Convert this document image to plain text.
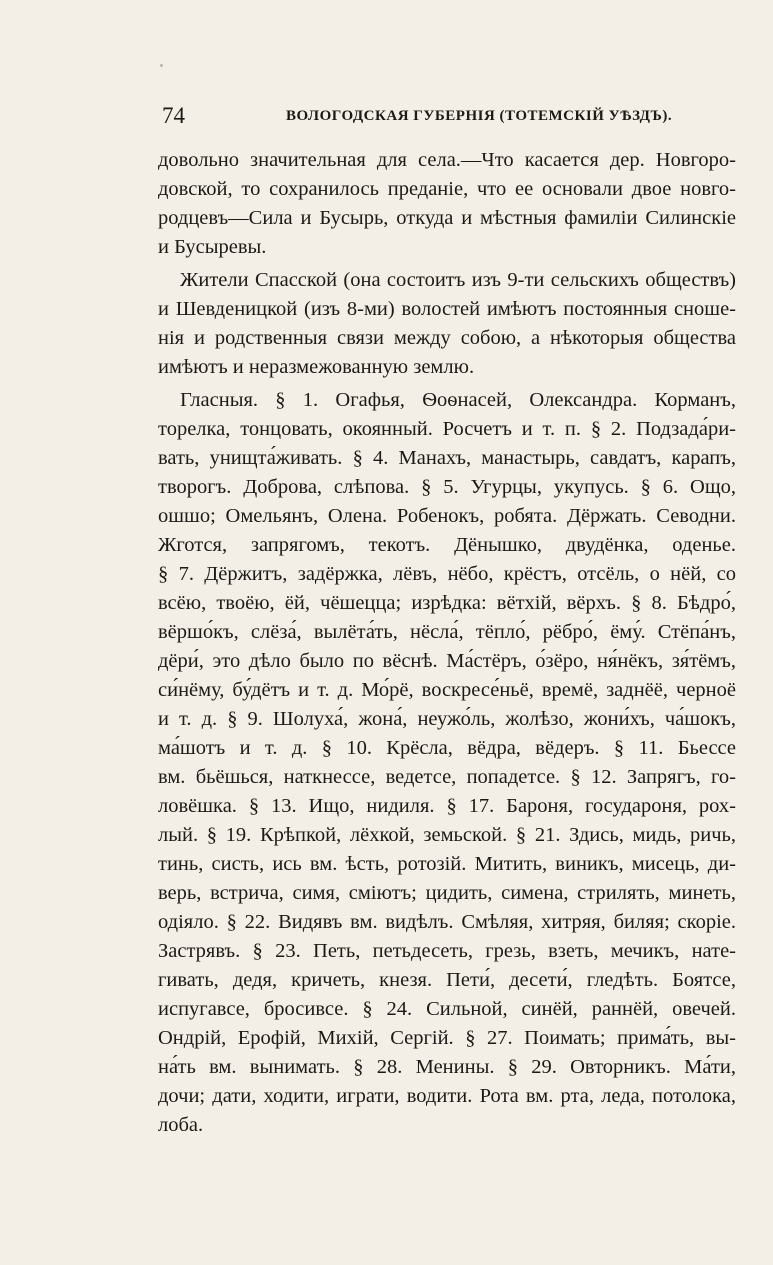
74	ВОЛОГОДСКАЯ ГУБЕРНІЯ (ТОТЕМСКІЙ УѢЗДЪ).
довольно значительная для села.—Что касается дер. Новгоро-
довской, то сохранилось преданіе, что ее основали двое новго-
родцевъ—Сила и Бусырь, откуда и мѣстныя фамиліи Силинскіе
и Бусыревы.
Жители Спасской (она состоитъ изъ 9-ти сельскихъ обществъ)
и Шевденицкой (изъ 8-ми) волостей имѣютъ постоянныя сноше-
нія и родственныя связи между собою, а нѣкоторыя общества
имѣютъ и неразмежованную землю.
Гласныя. § 1. Огафья, Ѳоѳнасей, Олександра. Корманъ,
торелка, тонцовать, окоянный. Росчетъ и т. п. § 2. Подзада́ри-
вать, унищта́живать. § 4. Манахъ, манастырь, савдатъ, карапъ,
творогъ. Доброва, слѣпова. § 5. Угурцы, укупусь. § 6. Ощо,
ошшо; Омельянъ, Олена. Робенокъ, робята. Дёржать. Севодни.
Жготся, запрягомъ, текотъ. Дёнышко, двудёнка, оденье.
§ 7. Дёржитъ, задёржка, лёвъ, нёбо, крёстъ, отсёль, о нёй, со
всёю, твоёю, ёй, чёшецца; изрѣдка: вётхій, вёрхъ. § 8. Бѣдро́,
вёршо́къ, слёза́, вылёта́ть, нёсла́, тёпло́, рёбро́, ёму́. Стёпа́нъ,
дёри́, это дѣло было по вёснѣ. Ма́стёръ, о́зёро, ня́нёкъ, зя́тёмъ,
си́нёму, бу́дётъ и т. д. Мо́рё, воскресе́ньё, времё, заднёё, черноё
и т. д. § 9. Шолуха́, жона́, неужо́ль, жолѣзо, жони́хъ, ча́шокъ,
ма́шотъ и т. д. § 10. Крёсла, вёдра, вёдеръ. § 11. Бьессе
вм. бьёшься, наткнессе, ведетсе, попадетсе. § 12. Запрягъ, го-
ловёшка. § 13. Ищо, нидиля. § 17. Бароня, государоня, рох-
лый. § 19. Крѣпкой, лёхкой, земьской. § 21. Здись, мидь, ричь,
тинь, систь, ись вм. ѣсть, ротозій. Митить, виникъ, мисець, ди-
верь, встрича, симя, сміютъ; цидить, симена, стрилять, минеть,
одіяло. § 22. Видявъ вм. видѣлъ. Смѣляя, хитряя, биляя; скоріе.
Застрявъ. § 23. Петь, петьдесеть, грезь, взеть, мечикъ, нате-
гивать, дедя, кричеть, кнезя. Пети́, десети́, гледѣть. Боятсе,
испугавсе, бросивсе. § 24. Сильной, синёй, раннёй, овечей.
Ондрій, Ерофій, Михій, Сергій. § 27. Поимать; прима́ть, вы-
на́ть вм. вынимать. § 28. Менины. § 29. Овторникъ. Ма́ти,
дочи; дати, ходити, играти, водити. Рота вм. рта, леда, потолока,
лоба.
